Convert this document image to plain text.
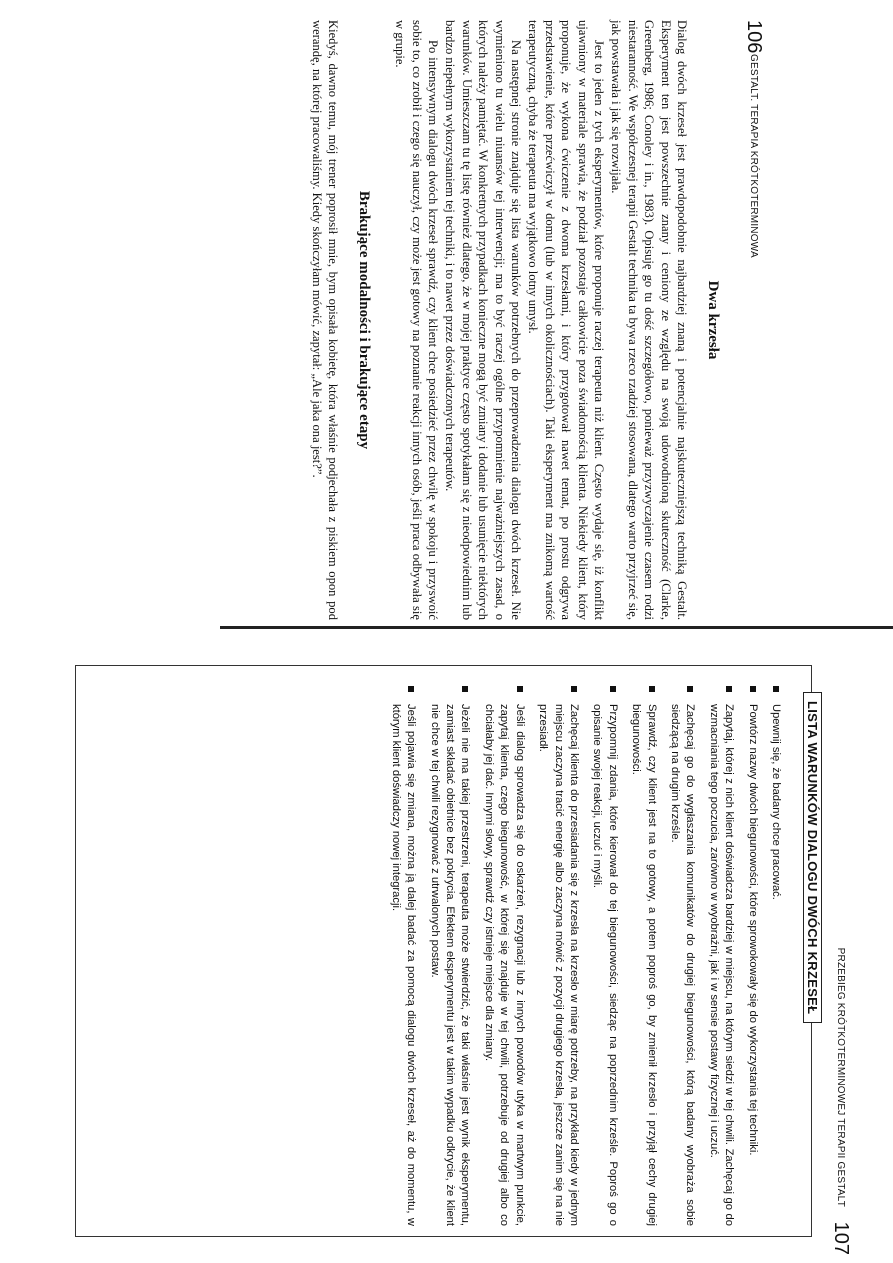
106
GESTALT. TERAPIA KRÓTKOTERMINOWA
Dwa krzesła

Dialog dwóch krzeseł jest prawdopodobnie najbardziej znaną i potencjalnie najskuteczniejszą techniką Gestalt. Eksperyment ten jest powszechnie znany i ceniony ze względu na swoją udowodnioną skuteczność (Clarke, Greenberg, 1986; Conoley i in., 1983). Opisuję go tu dość szczegółowo, ponieważ przyzwyczajenie czasem rodzi niestaranność. We współczesnej terapii Gestalt technika ta bywa rzeco rzadziej stosowana, dlatego warto przyjrzeć się, jak powstawała i jak się rozwijała.

Jest to jeden z tych eksperymentów, które proponuje raczej terapeuta niż klient. Często wydaje się, iż konflikt ujawniony w materiale sprawia, że podział pozostaje całkowicie poza świadomością klienta. Niekiedy klient, który proponuje, że wykona ćwiczenie z dwoma krzesłami, i który przygotował nawet temat, po prostu odgrywa przedstawienie, które przećwiczył w domu (lub w innych okolicznościach). Taki eksperyment ma znikomą wartość terapeutyczną, chyba że terapeuta ma wyjątkowo lotny umysł.

Na następnej stronie znajduje się lista warunków potrzebnych do przeprowadzenia dialogu dwóch krzeseł. Nie wymieniono tu wielu niuansów tej interwencji; ma to być raczej ogólne przypomnienie najważniejszych zasad, o których należy pamiętać. W konkretnych przypadkach konieczne mogą być zmiany i dodanie lub usunięcie niektórych warunków. Umieszczam tu tę listę również dlatego, że w mojej praktyce często spotykałam się z nieodpowiednim lub bardzo niepełnym wykorzystaniem tej techniki, i to nawet przez doświadczonych terapeutów.

Po intensywnym dialogu dwóch krzeseł sprawdź, czy klient chce posiedzieć przez chwilę w spokoju i przyswoić sobie to, co zrobił i czego się nauczył, czy może jest gotowy na poznanie reakcji innych osób, jeśli praca odbywała się w grupie.

Brakujące modalności i brakujące etapy

Kiedyś, dawno temu, mój trener poprosił mnie, bym opisała kobietę, która właśnie podjechała z piskiem opon pod werandę, na której pracowaliśmy. Kiedy skończyłam mówić, zapytał: „Ale jaka ona jest?”.

PRZEBIEG KRÓTKOTERMINOWEJ TERAPII GESTALT
107
LISTA WARUNKÓW DIALOGU DWÓCH KRZESEŁ
Upewnij się, że badany chce pracować.
Powtórz nazwy dwóch biegunowości, które sprowokowały się do wykorzystania tej techniki.
Zapytaj, której z nich klient doświadcza bardziej w miejscu, na którym siedzi w tej chwili. Zachęcaj go do wzmacniania tego poczucia, zarówno w wyobraźni, jak i w sensie postawy fizycznej i uczuć.
Zachęcaj go do wygłaszania komunikatów do drugiej biegunowości, którą badany wyobraża sobie siedzącą na drugim krześle.
Sprawdź, czy klient jest na to gotowy, a potem poproś go, by zmienił krzesło i przyjął cechy drugiej biegunowości.
Przypomnij zdania, które kierował do tej biegunowości, siedząc na poprzednim krześle. Poproś go o opisanie swojej reakcji, uczuć i myśli.
Zachęcaj klienta do przesiadania się z krzesła na krzesło w miarę potrzeby, na przykład kiedy w jednym miejscu zaczyna tracić energię albo zaczyna mówić z pozycji drugiego krzesła, jeszcze zanim się na nie przesiadł.
Jeśli dialog sprowadza się do oskarżeń, rezygnacji lub z innych powodów utyka w martwym punkcie, zapytaj klienta, czego biegunowość, w której się znajduje w tej chwili, potrzebuje od drugiej albo co chciałaby jej dać. Innymi słowy, sprawdź czy istnieje miejsce dla zmiany.
Jeżeli nie ma takiej przestrzeni, terapeuta może stwierdzić, że taki właśnie jest wynik eksperymentu, zamiast składać obietnice bez pokrycia. Efektem eksperymentu jest w takim wypadku odkrycie, że klient nie chce w tej chwili rezygnować z utrwalonych postaw.
Jeśli pojawia się zmiana, można ją dalej badać za pomocą dialogu dwóch krzeseł, aż do momentu, w którym klient doświadczy nowej integracji.
